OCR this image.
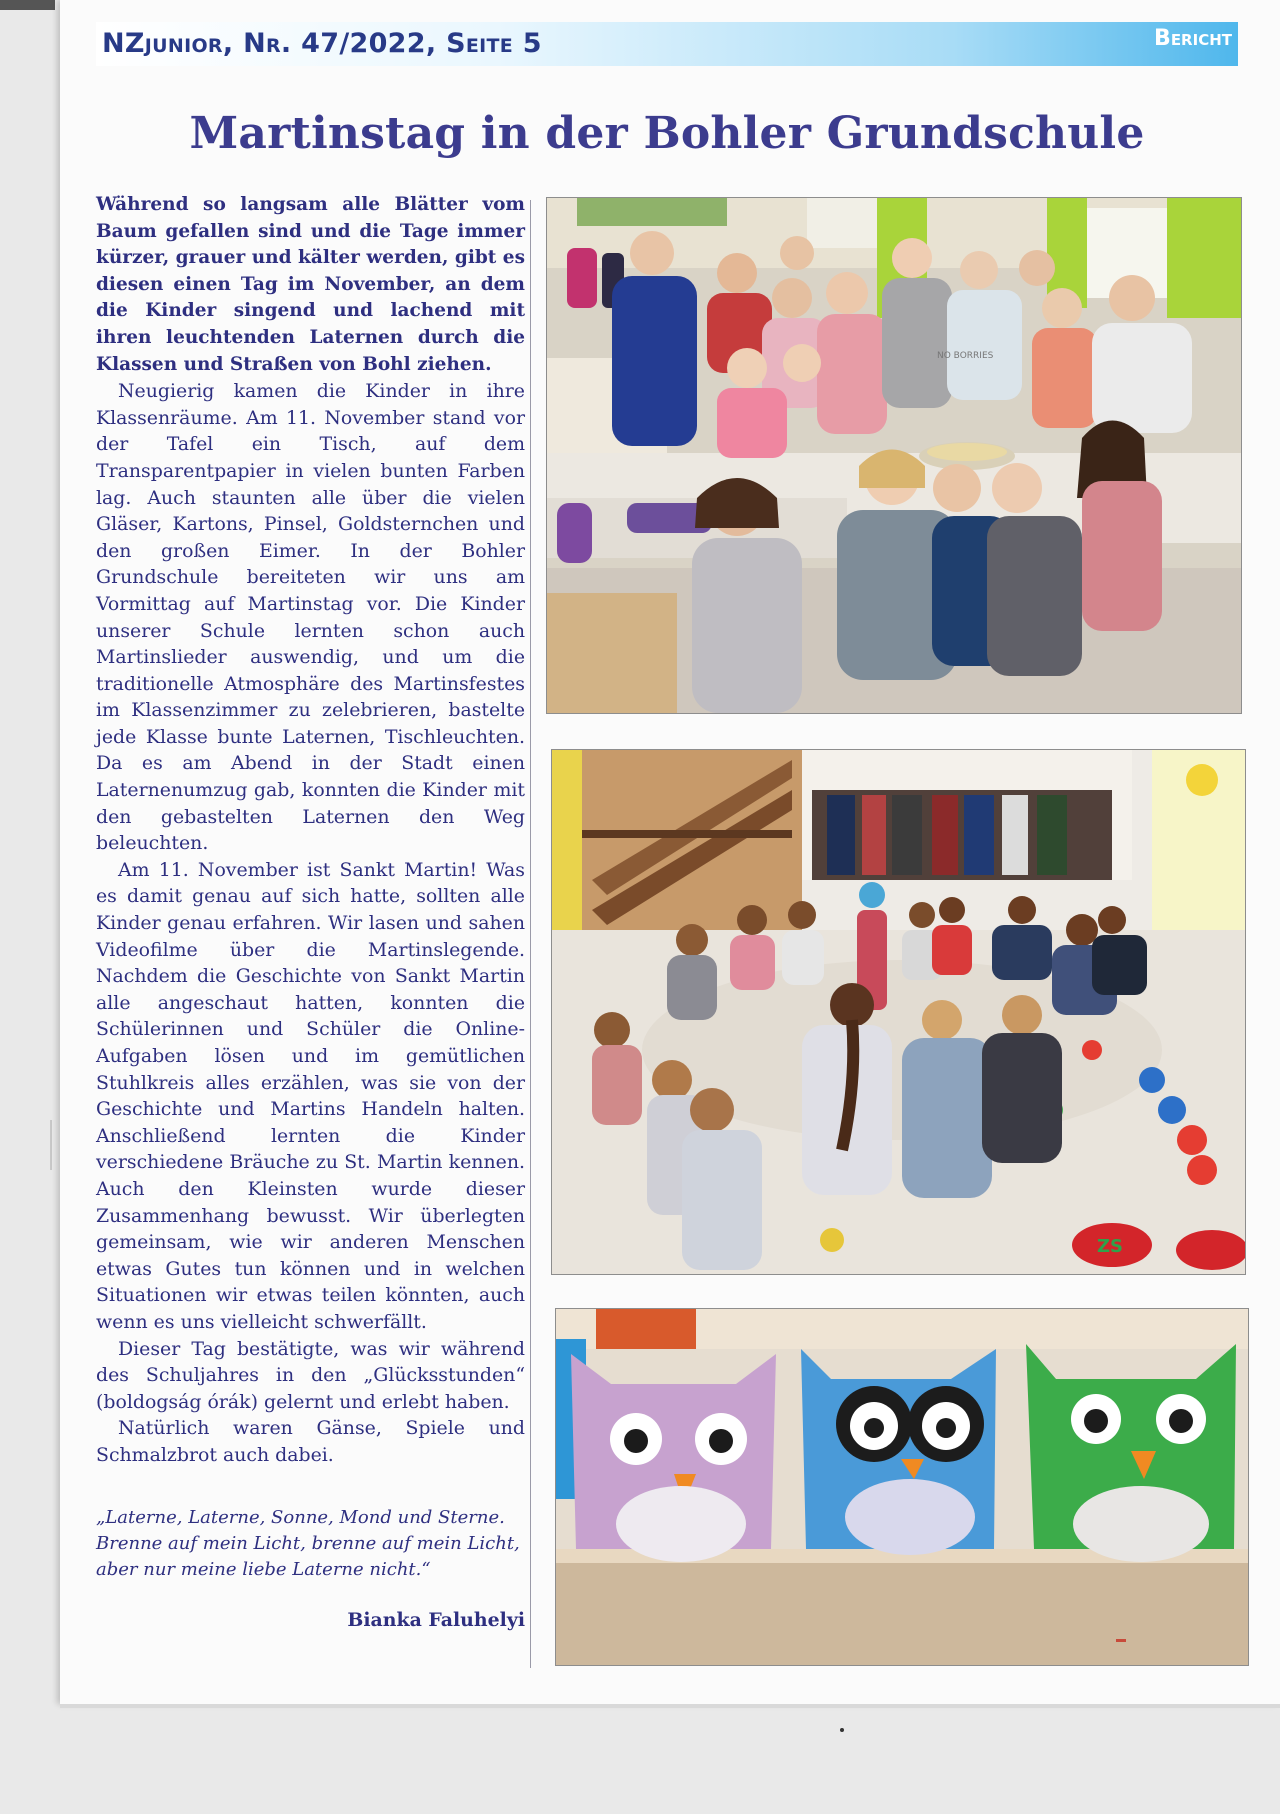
NZjunior, Nr. 47/2022, Seite 5	Bericht

Martinstag in der Bohler Grundschule

Während so langsam alle Blätter vom Baum gefallen sind und die Tage immer kürzer, grauer und kälter werden, gibt es diesen einen Tag im November, an dem die Kinder singend und lachend mit ihren leuchtenden Laternen durch die Klassen und Straßen von Bohl ziehen.

Neugierig kamen die Kinder in ihre Klassenräume. Am 11. November stand vor der Tafel ein Tisch, auf dem Transparentpapier in vielen bunten Farben lag. Auch staunten alle über die vielen Gläser, Kartons, Pinsel, Goldsternchen und den großen Eimer. In der Bohler Grundschule bereiteten wir uns am Vormittag auf Martinstag vor. Die Kinder unserer Schule lernten schon auch Martinslieder auswendig, und um die traditionelle Atmosphäre des Martinsfestes im Klassenzimmer zu zelebrieren, bastelte jede Klasse bunte Laternen, Tischleuchten. Da es am Abend in der Stadt einen Laternenumzug gab, konnten die Kinder mit den gebastelten Laternen den Weg beleuchten.

Am 11. November ist Sankt Martin! Was es damit genau auf sich hatte, sollten alle Kinder genau erfahren. Wir lasen und sahen Videofilme über die Martinslegende. Nachdem die Geschichte von Sankt Martin alle angeschaut hatten, konnten die Schülerinnen und Schüler die Online-Aufgaben lösen und im gemütlichen Stuhlkreis alles erzählen, was sie von der Geschichte und Martins Handeln halten. Anschließend lernten die Kinder verschiedene Bräuche zu St. Martin kennen. Auch den Kleinsten wurde dieser Zusammenhang bewusst. Wir überlegten gemeinsam, wie wir anderen Menschen etwas Gutes tun können und in welchen Situationen wir etwas teilen könnten, auch wenn es uns vielleicht schwerfällt.

Dieser Tag bestätigte, was wir während des Schuljahres in den „Glücksstunden“ (boldogság órák) gelernt und erlebt haben.

Natürlich waren Gänse, Spiele und Schmalzbrot auch dabei.

„Laterne, Laterne, Sonne, Mond und Sterne. Brenne auf mein Licht, brenne auf mein Licht, aber nur meine liebe Laterne nicht.“

Bianka Faluhelyi

NO BORRIES
ZS
